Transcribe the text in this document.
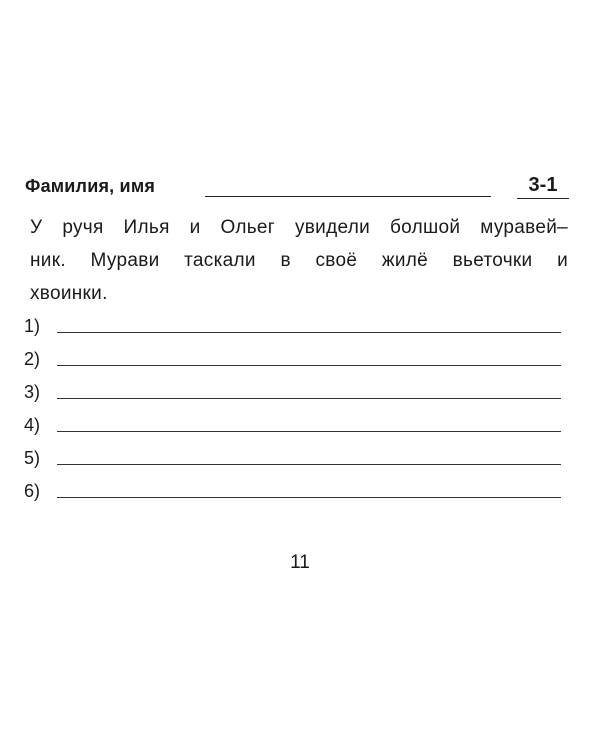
Фамилия, имя	3-1
У ручя Илья и Ольег увидели болшой муравей–
ник. Мурави таскали в своё жилё вьеточки и
хвоинки.
1)
2)
3)
4)
5)
6)
11
